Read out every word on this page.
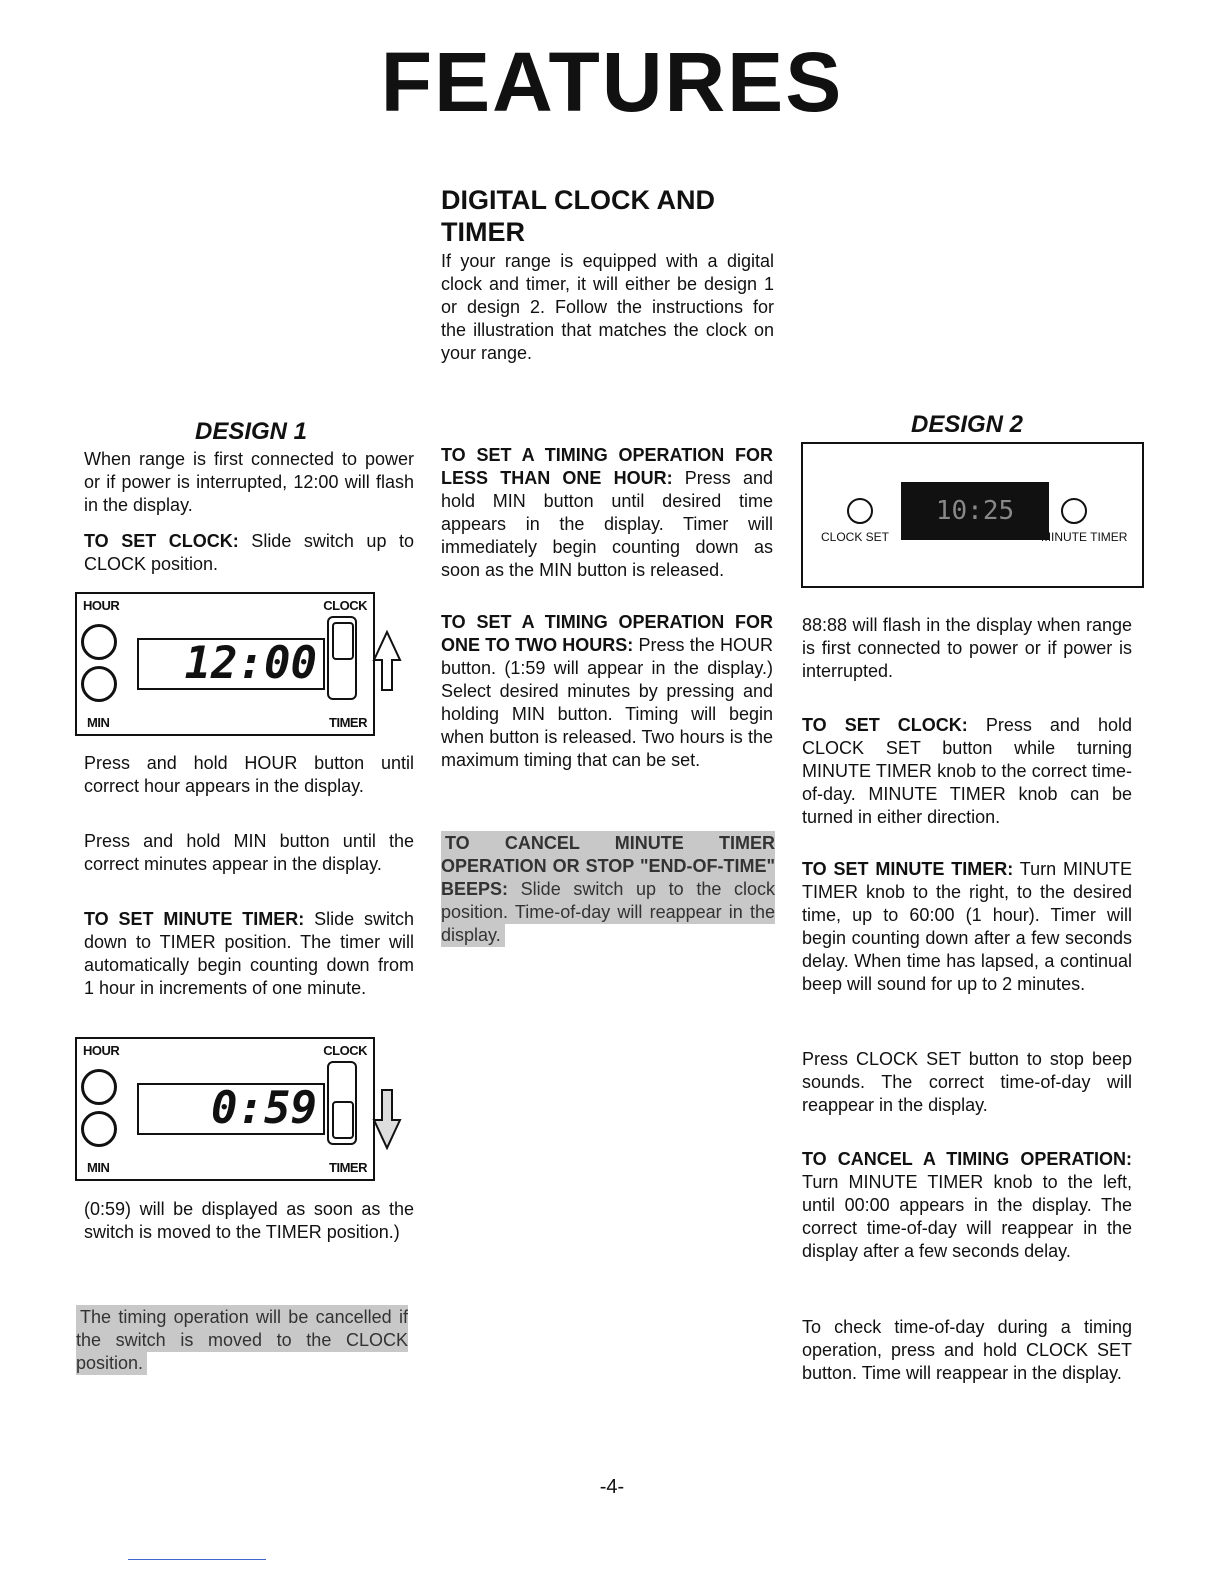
FEATURES
DIGITAL CLOCK AND TIMER
If your range is equipped with a digital clock and timer, it will either be design 1 or design 2. Follow the instructions for the illustration that matches the clock on your range.
DESIGN 1
When range is first connected to power or if power is interrupted, 12:00 will flash in the display.
TO SET CLOCK: Slide switch up to CLOCK position.
HOUR	CLOCK
12:00
MIN	TIMER
Press and hold HOUR button until correct hour appears in the display.
Press and hold MIN button until the correct minutes appear in the display.
TO SET MINUTE TIMER: Slide switch down to TIMER position. The timer will automatically begin counting down from 1 hour in increments of one minute.
HOUR	CLOCK
0:59
MIN	TIMER
(0:59) will be displayed as soon as the switch is moved to the TIMER position.)
The timing operation will be cancelled if the switch is moved to the CLOCK position.
TO SET A TIMING OPERATION FOR LESS THAN ONE HOUR: Press and hold MIN button until desired time appears in the display. Timer will immediately begin counting down as soon as the MIN button is released.
TO SET A TIMING OPERATION FOR ONE TO TWO HOURS: Press the HOUR button. (1:59 will appear in the display.) Select desired minutes by pressing and holding MIN button. Timing will begin when button is released. Two hours is the maximum timing that can be set.
TO CANCEL MINUTE TIMER OPERATION OR STOP "END-OF-TIME" BEEPS: Slide switch up to the clock position. Time-of-day will reappear in the display.
DESIGN 2
10:25
CLOCK SET	MINUTE TIMER
88:88 will flash in the display when range is first connected to power or if power is interrupted.
TO SET CLOCK: Press and hold CLOCK SET button while turning MINUTE TIMER knob to the correct time-of-day. MINUTE TIMER knob can be turned in either direction.
TO SET MINUTE TIMER: Turn MINUTE TIMER knob to the right, to the desired time, up to 60:00 (1 hour). Timer will begin counting down after a few seconds delay. When time has lapsed, a continual beep will sound for up to 2 minutes.
Press CLOCK SET button to stop beep sounds. The correct time-of-day will reappear in the display.
TO CANCEL A TIMING OPERATION: Turn MINUTE TIMER knob to the left, until 00:00 appears in the display. The correct time-of-day will reappear in the display after a few seconds delay.
To check time-of-day during a timing operation, press and hold CLOCK SET button. Time will reappear in the display.
-4-
